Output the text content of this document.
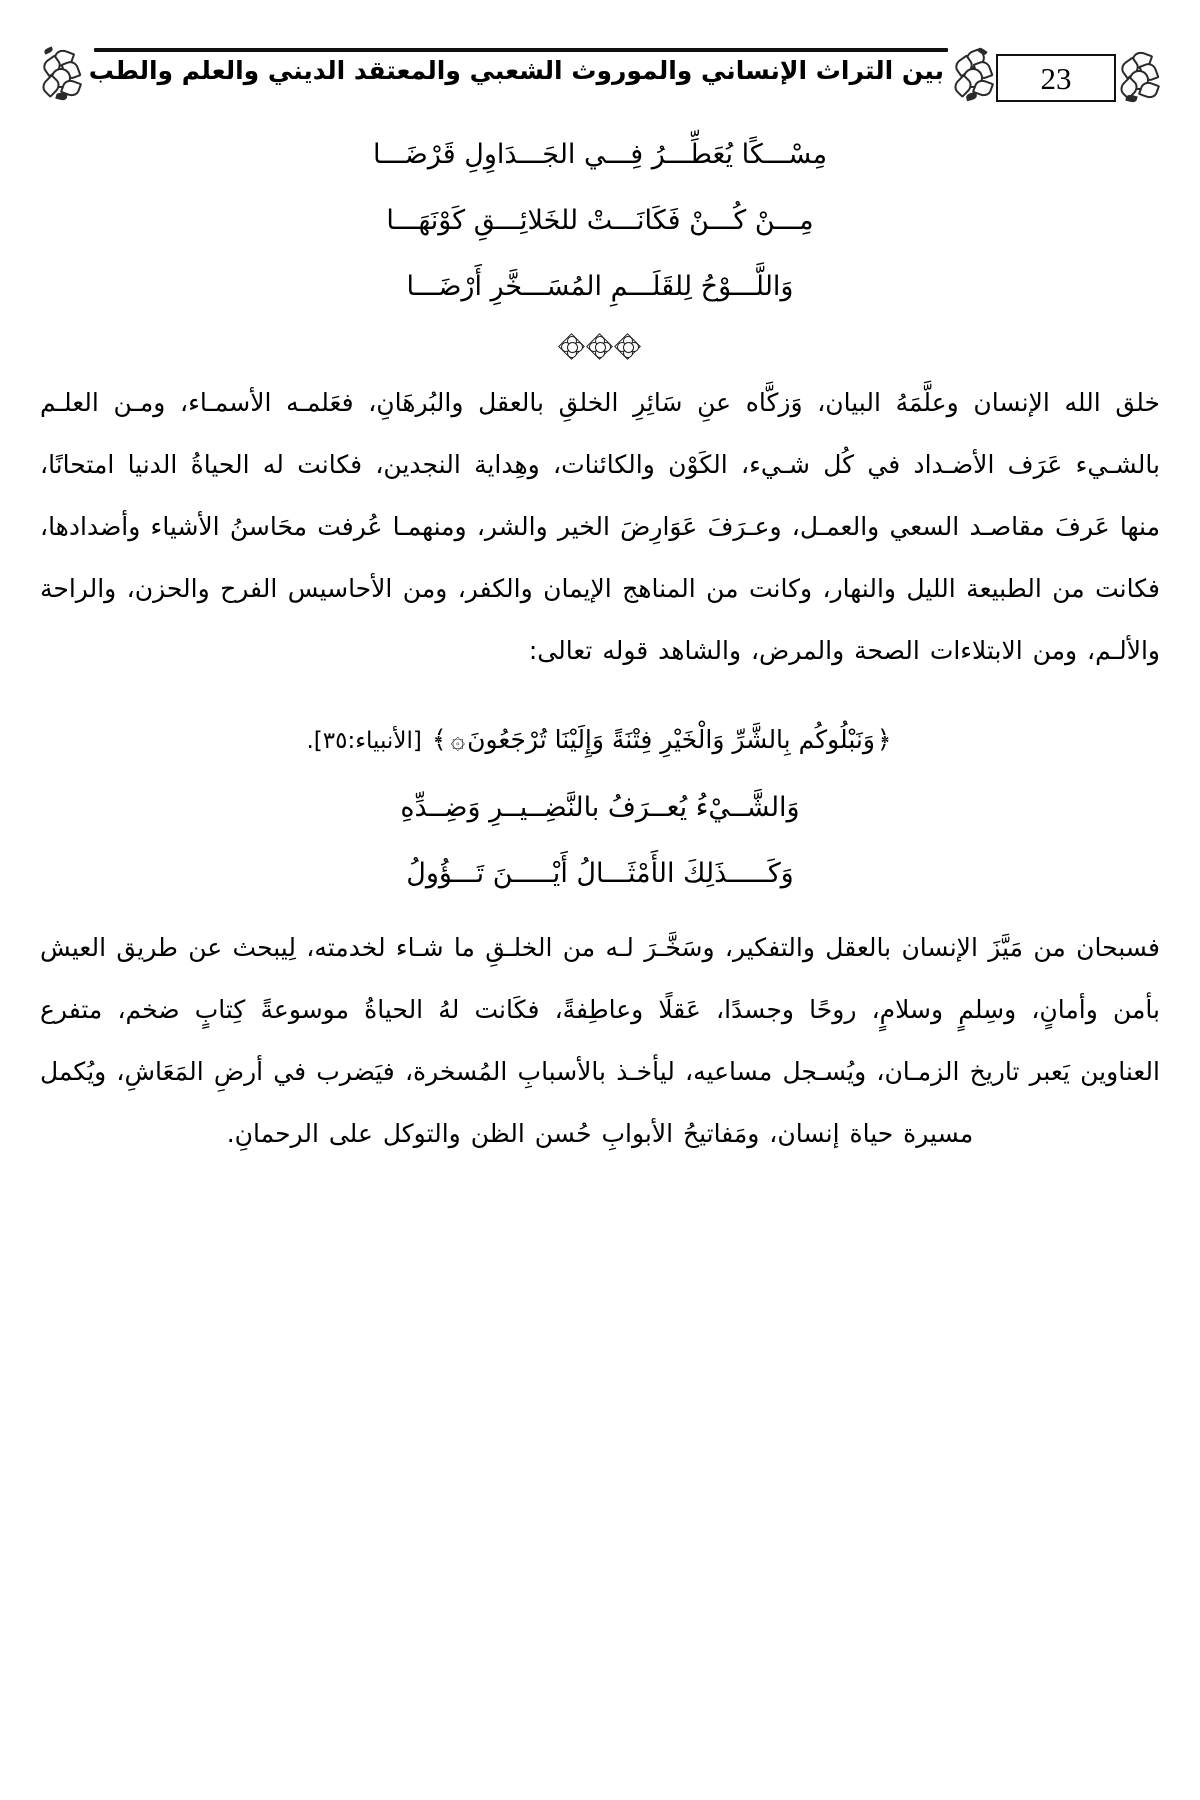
بين التراث الإنساني والموروث الشعبي والمعتقد الديني والعلم والطب	23
مِسْـــكًا يُعَطِّـــرُ فِـــي الجَـــدَاوِلِ قَرْضَـــا
مِـــنْ كُـــنْ فَكَانَـــتْ للخَلائِـــقِ كَوْنَهَـــا
وَاللَّـــوْحُ لِلقَلَـــمِ المُسَـــخَّرِ أَرْضَـــا

خلق الله الإنسان وعلَّمَهُ البيان، وَزكَّاه عنِ سَائِرِ الخلقِ بالعقل والبُرهَانِ، فعَلمـه الأسمـاء، ومـن العلـم بالشـيء عَرَف الأضـداد في كُل شـيء، الكَوْن والكائنات، وهِداية النجدين، فكانت له الحياةُ الدنيا امتحانًا، منها عَرفَ مقاصـد السعي والعمـل، وعـرَفَ عَوَارِضَ الخير والشر، ومنهمـا عُرفت محَاسنُ الأشياء وأضدادها، فكانت من الطبيعة الليل والنهار، وكانت من المناهج الإيمان والكفر، ومن الأحاسيس الفرح والحزن، والراحة والألـم، ومن الابتلاءات الصحة والمرض، والشاهد قوله تعالى:

﴿وَنَبْلُوكُم بِالشَّرِّ وَالْخَيْرِ فِتْنَةً وَإِلَيْنَا تُرْجَعُونَ۞﴾[الأنبياء:٣٥].
وَالشَّــيْءُ يُعــرَفُ بالنَّضِــيــرِ وَضِــدِّهِ
وَكَـــــذَلِكَ الأَمْثَـــالُ أَيْـــــنَ تَـــؤُولُ

فسبحان من مَيَّزَ الإنسان بالعقل والتفكير، وسَخَّـرَ لـه من الخلـقِ ما شـاء لخدمته، لِيبحث عن طريق العيش بأمن وأمانٍ، وسِلمٍ وسلامٍ، روحًا وجسدًا، عَقلًا وعاطِفةً، فكَانت لهُ الحياةُ موسوعةً كِتابٍ ضخم، متفرع العناوين يَعبر تاريخ الزمـان، ويُسـجل مساعيه، ليأخـذ بالأسبابِ المُسخرة، فيَضرب في أرضِ المَعَاشِ، ويُكمل مسيرة حياة إنسان، ومَفاتيحُ الأبوابِ حُسن الظن والتوكل على الرحمانِ.
